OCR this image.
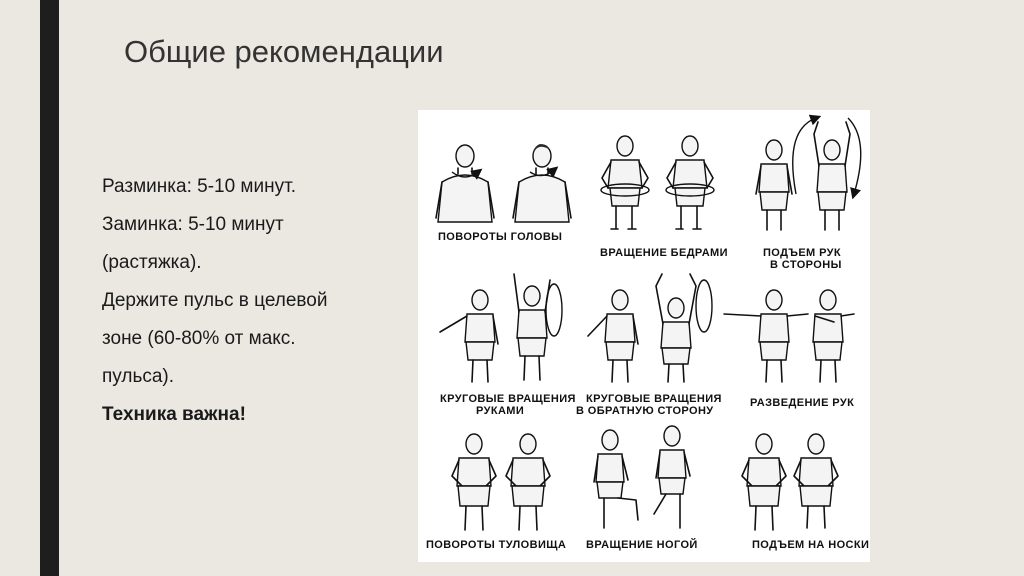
Общие рекомендации

Разминка: 5-10 минут.

Заминка: 5-10 минут

(растяжка).

Держите пульс в целевой

зоне (60-80% от макс.

пульса).

Техника важна!

ПОВОРОТЫ ГОЛОВЫ
ВРАЩЕНИЕ БЕДРАМИ	ПОДЪЕМ РУК
В СТОРОНЫ
КРУГОВЫЕ ВРАЩЕНИЯ
РУКАМИ
КРУГОВЫЕ ВРАЩЕНИЯ
В ОБРАТНУЮ СТОРОНУ
РАЗВЕДЕНИЕ РУК
ПОВОРОТЫ ТУЛОВИЩА ВРАЩЕНИЕ НОГОЙ	ПОДЪЕМ НА НОСКИ
